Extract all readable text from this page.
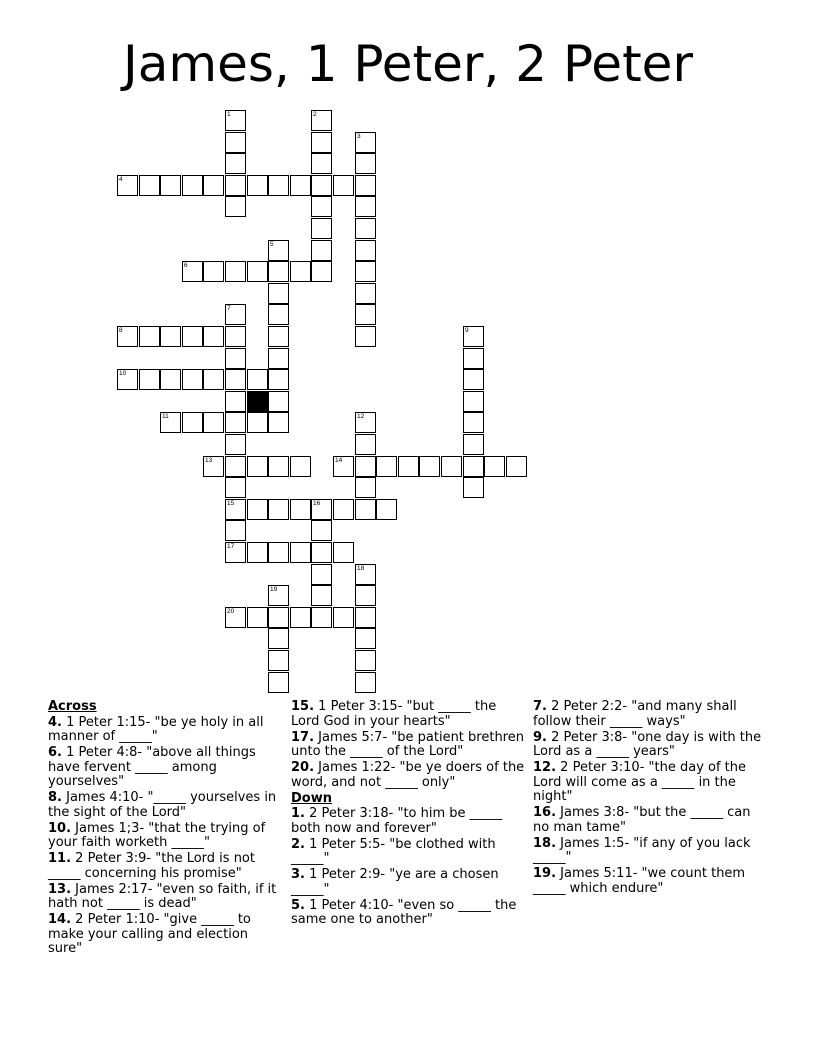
James, 1 Peter, 2 Peter
4
6
8
10
11
13	14
15	16
17
20
1	2
3
5
7
9
12
18
19
Across
4. 1 Peter 1:15- "be ye holy in all manner of _____"
6. 1 Peter 4:8- "above all things have fervent _____ among yourselves"
8. James 4:10- "_____ yourselves in the sight of the Lord"
10. James 1;3- "that the trying of your faith worketh _____"
11. 2 Peter 3:9- "the Lord is not _____ concerning his promise"
13. James 2:17- "even so faith, if it hath not _____ is dead"
14. 2 Peter 1:10- "give _____ to make your calling and election sure"
15. 1 Peter 3:15- "but _____ the Lord God in your hearts"
17. James 5:7- "be patient brethren unto the _____ of the Lord"
20. James 1:22- "be ye doers of the word, and not _____ only"
Down
1. 2 Peter 3:18- "to him be _____ both now and forever"
2. 1 Peter 5:5- "be clothed with _____"
3. 1 Peter 2:9- "ye are a chosen _____"
5. 1 Peter 4:10- "even so _____ the same one to another"
7. 2 Peter 2:2- "and many shall follow their _____ ways"
9. 2 Peter 3:8- "one day is with the Lord as a _____ years"
12. 2 Peter 3:10- "the day of the Lord will come as a _____ in the night"
16. James 3:8- "but the _____ can no man tame"
18. James 1:5- "if any of you lack _____"
19. James 5:11- "we count them _____ which endure"
